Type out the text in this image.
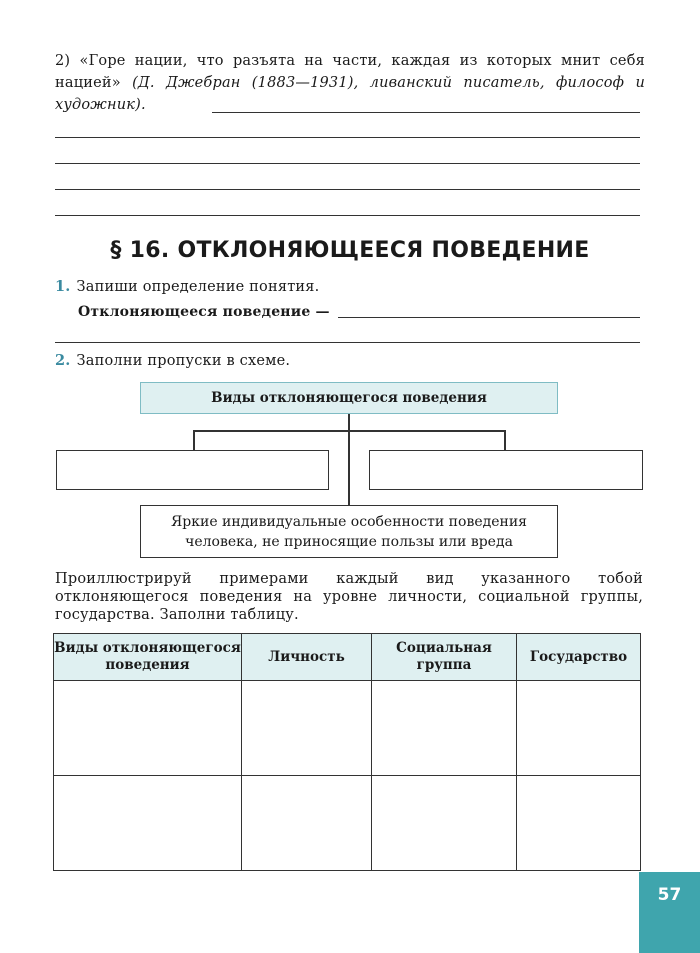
2) «Горе нации, что разъята на части, каждая из которых мнит себя нацией» (Д. Джебран (1883—1931), ливанский писатель, философ и художник).
§ 16. ОТКЛОНЯЮЩЕЕСЯ ПОВЕДЕНИЕ
1. Запиши определение понятия.
Отклоняющееся поведение —
2. Заполни пропуски в схеме.
Виды отклоняющегося поведения
Яркие индивидуальные особенности поведения человека, не приносящие пользы или вреда
Проиллюстрируй примерами каждый вид указанного тобой отклоняющегося поведения на уровне личности, социальной группы, государства. Заполни таблицу.
Виды отклоняющегося поведения	Личность	Социальная группа	Государство

57
